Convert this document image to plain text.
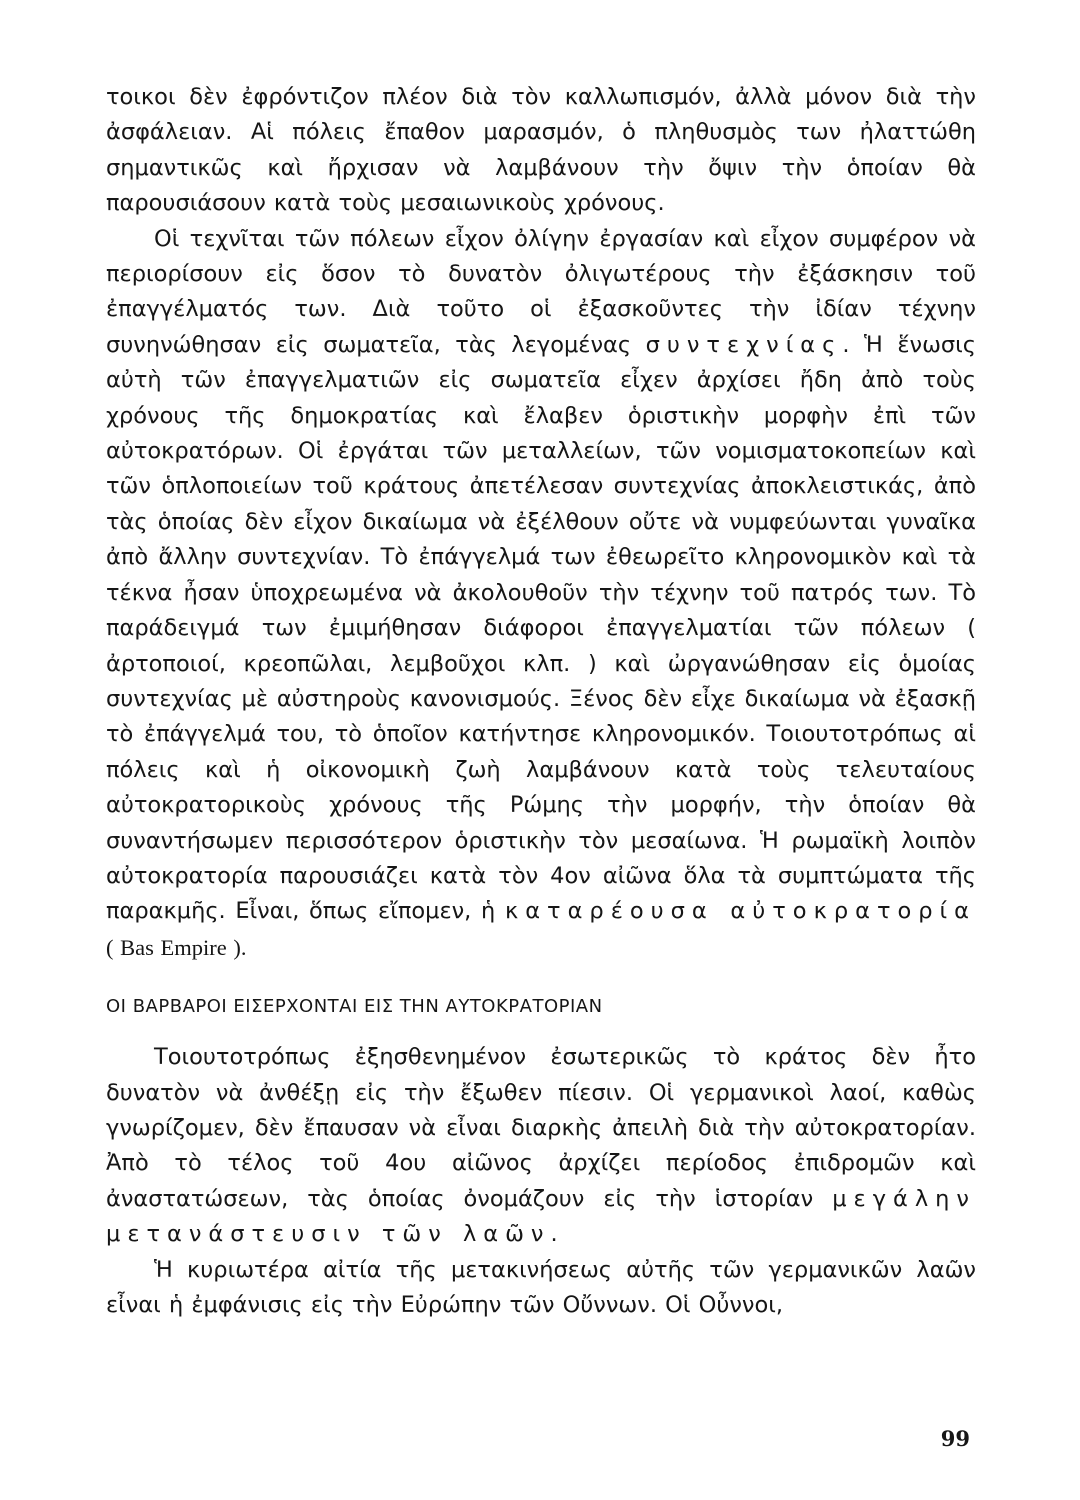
τοικοι δὲν ἐφρόντιζον πλέον διὰ τὸν καλλωπισμόν, ἀλλὰ μόνον διὰ τὴν ἀσφάλειαν. Αἱ πόλεις ἔπαθον μαρασμόν, ὁ πληθυσμὸς των ἠλαττώθη σημαντικῶς καὶ ἤρχισαν νὰ λαμβάνουν τὴν ὄψιν τὴν ὁποίαν θὰ παρουσιάσουν κατὰ τοὺς μεσαιωνικοὺς χρόνους.

Οἱ τεχνῖται τῶν πόλεων εἶχον ὀλίγην ἐργασίαν καὶ εἶχον συμφέρον νὰ περιορίσουν εἰς ὅσον τὸ δυνατὸν ὀλιγωτέρους τὴν ἐξάσκησιν τοῦ ἐπαγγέλματός των. Διὰ τοῦτο οἱ ἐξασκοῦντες τὴν ἰδίαν τέχνην συνηνώθησαν εἰς σωματεῖα, τὰς λεγομένας συντεχνίας. Ἡ ἕνωσις αὐτὴ τῶν ἐπαγγελματιῶν εἰς σωματεῖα εἶχεν ἀρχίσει ἤδη ἀπὸ τοὺς χρόνους τῆς δημοκρατίας καὶ ἔλαβεν ὁριστικὴν μορφὴν ἐπὶ τῶν αὐτοκρατόρων. Οἱ ἐργάται τῶν μεταλλείων, τῶν νομισματοκοπείων καὶ τῶν ὁπλοποιείων τοῦ κράτους ἀπετέλεσαν συντεχνίας ἀποκλειστικάς, ἀπὸ τὰς ὁποίας δὲν εἶχον δικαίωμα νὰ ἐξέλθουν οὔτε νὰ νυμφεύωνται γυναῖκα ἀπὸ ἄλλην συντεχνίαν. Τὸ ἐπάγγελμά των ἐθεωρεῖτο κληρονομικὸν καὶ τὰ τέκνα ἦσαν ὑποχρεωμένα νὰ ἀκολουθοῦν τὴν τέχνην τοῦ πατρός των. Τὸ παράδειγμά των ἐμιμήθησαν διάφοροι ἐπαγγελματίαι τῶν πόλεων ( ἀρτοποιοί, κρεοπῶλαι, λεμβοῦχοι κλπ. ) καὶ ὠργανώθησαν εἰς ὁμοίας συντεχνίας μὲ αὐστηροὺς κανονισμούς. Ξένος δὲν εἶχε δικαίωμα νὰ ἐξασκῇ τὸ ἐπάγγελμά του, τὸ ὁποῖον κατήντησε κληρονομικόν. Τοιουτοτρόπως αἱ πόλεις καὶ ἡ οἰκονομικὴ ζωὴ λαμβάνουν κατὰ τοὺς τελευταίους αὐτοκρατορικοὺς χρόνους τῆς Ρώμης τὴν μορφήν, τὴν ὁποίαν θὰ συναντήσωμεν περισσότερον ὁριστικὴν τὸν μεσαίωνα. Ἡ ρωμαϊκὴ λοιπὸν αὐτοκρατορία παρουσιάζει κατὰ τὸν 4ον αἰῶνα ὅλα τὰ συμπτώματα τῆς παρακμῆς. Εἶναι, ὅπως εἴπομεν, ἡ καταρέουσα αὐτοκρατορία ( Bas Empire ).

ΟΙ ΒΑΡΒΑΡΟΙ ΕΙΣΕΡΧΟΝΤΑΙ ΕΙΣ ΤΗΝ ΑΥΤΟΚΡΑΤΟΡΙΑΝ

Τοιουτοτρόπως ἐξησθενημένον ἐσωτερικῶς τὸ κράτος δὲν ἦτο δυνατὸν νὰ ἀνθέξῃ εἰς τὴν ἔξωθεν πίεσιν. Οἱ γερμανικοὶ λαοί, καθὼς γνωρίζομεν, δὲν ἔπαυσαν νὰ εἶναι διαρκὴς ἀπειλὴ διὰ τὴν αὐτοκρατορίαν. Ἀπὸ τὸ τέλος τοῦ 4ου αἰῶνος ἀρχίζει περίοδος ἐπιδρομῶν καὶ ἀναστατώσεων, τὰς ὁποίας ὀνομάζουν εἰς τὴν ἱστορίαν μεγάλην μετανάστευσιν τῶν λαῶν.

Ἡ κυριωτέρα αἰτία τῆς μετακινήσεως αὐτῆς τῶν γερμανικῶν λαῶν εἶναι ἡ ἐμφάνισις εἰς τὴν Εὐρώπην τῶν Οὔννων. Οἱ Οὖννοι,

99
